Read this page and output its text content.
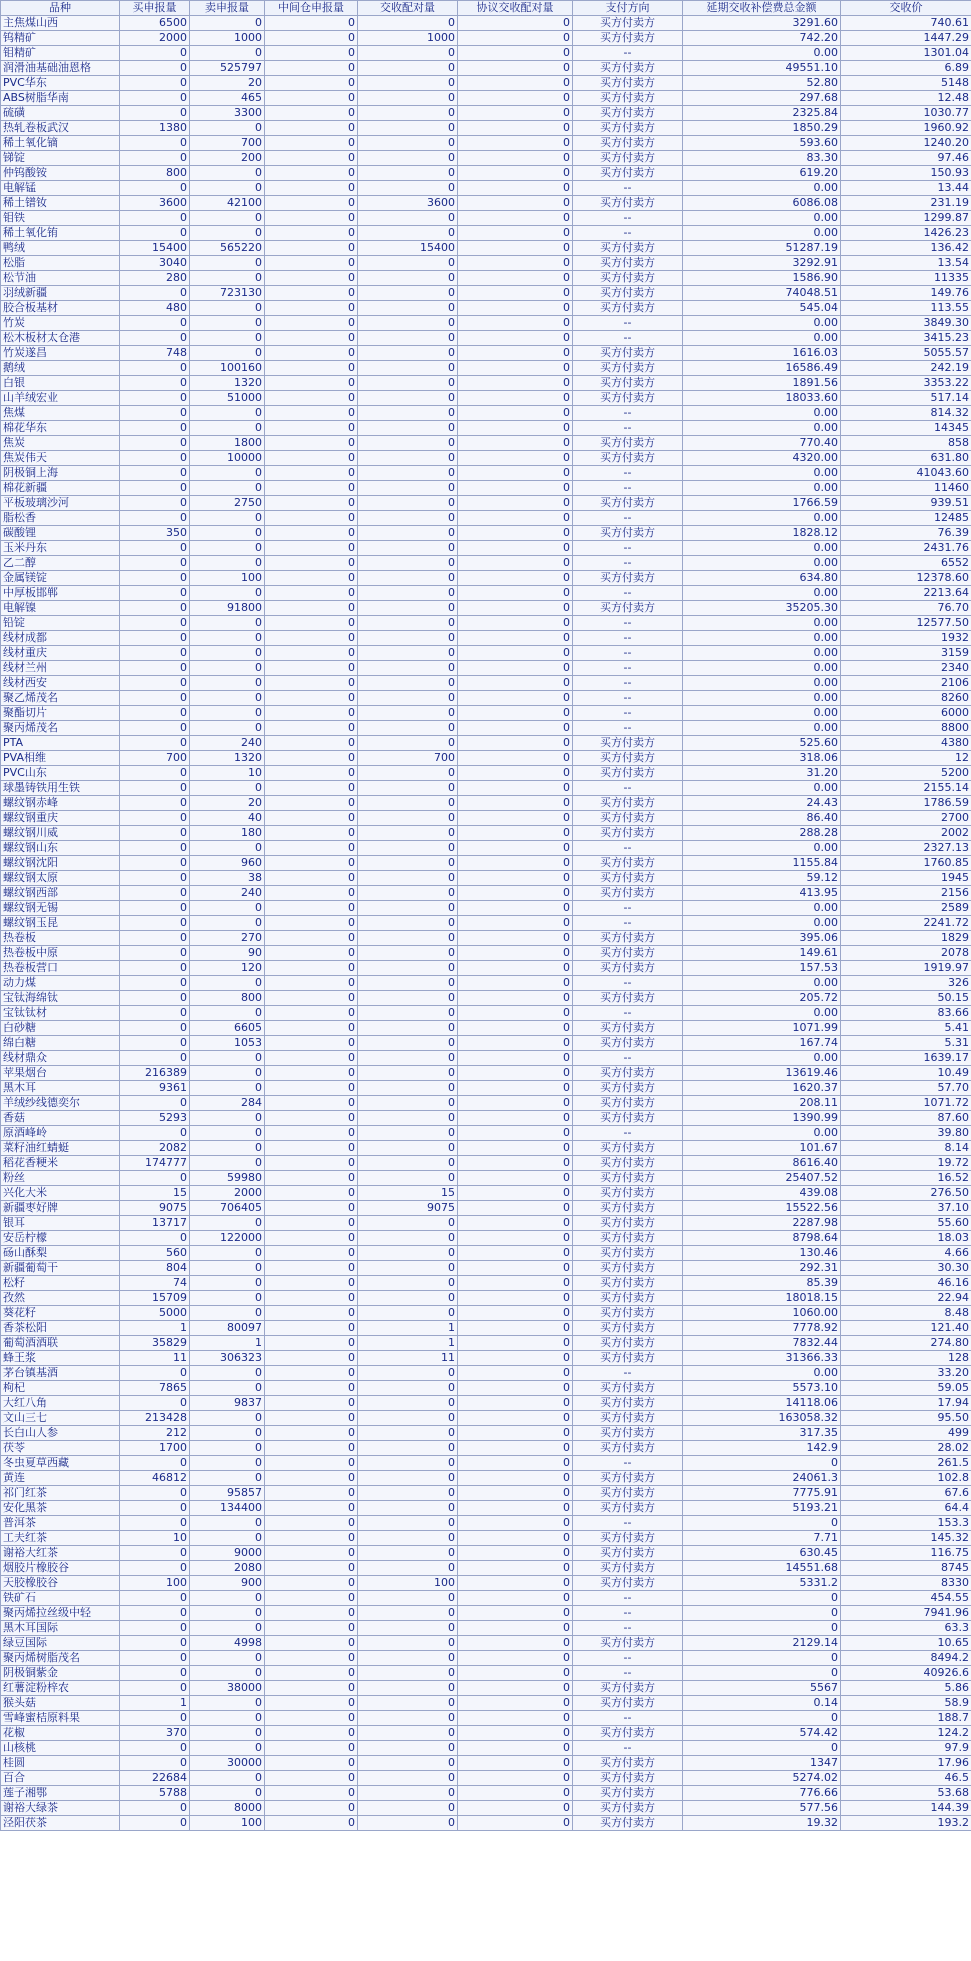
品种	买申报量	卖申报量	中间仓申报量	交收配对量	协议交收配对量	支付方向	延期交收补偿费总金额	交收价
主焦煤山西	6500	0	0	0	0	买方付卖方	3291.60	740.61
钨精矿	2000	1000	0	1000	0	买方付卖方	742.20	1447.29
钼精矿	0	0	0	0	0	--	0.00	1301.04
润滑油基础油恩格	0	525797	0	0	0	买方付卖方	49551.10	6.89
PVC华东	0	20	0	0	0	买方付卖方	52.80	5148
ABS树脂华南	0	465	0	0	0	买方付卖方	297.68	12.48
硫磺	0	3300	0	0	0	买方付卖方	2325.84	1030.77
热轧卷板武汉	1380	0	0	0	0	买方付卖方	1850.29	1960.92
稀土氧化镝	0	700	0	0	0	买方付卖方	593.60	1240.20
锑锭	0	200	0	0	0	买方付卖方	83.30	97.46
仲钨酸铵	800	0	0	0	0	买方付卖方	619.20	150.93
电解锰	0	0	0	0	0	--	0.00	13.44
稀土镨钕	3600	42100	0	3600	0	买方付卖方	6086.08	231.19
钼铁	0	0	0	0	0	--	0.00	1299.87
稀土氧化铕	0	0	0	0	0	--	0.00	1426.23
鸭绒	15400	565220	0	15400	0	买方付卖方	51287.19	136.42
松脂	3040	0	0	0	0	买方付卖方	3292.91	13.54
松节油	280	0	0	0	0	买方付卖方	1586.90	11335
羽绒新疆	0	723130	0	0	0	买方付卖方	74048.51	149.76
胶合板基材	480	0	0	0	0	买方付卖方	545.04	113.55
竹炭	0	0	0	0	0	--	0.00	3849.30
松木板材太仓港	0	0	0	0	0	--	0.00	3415.23
竹炭遂昌	748	0	0	0	0	买方付卖方	1616.03	5055.57
鹅绒	0	100160	0	0	0	买方付卖方	16586.49	242.19
白银	0	1320	0	0	0	买方付卖方	1891.56	3353.22
山羊绒宏业	0	51000	0	0	0	买方付卖方	18033.60	517.14
焦煤	0	0	0	0	0	--	0.00	814.32
棉花华东	0	0	0	0	0	--	0.00	14345
焦炭	0	1800	0	0	0	买方付卖方	770.40	858
焦炭伟天	0	10000	0	0	0	买方付卖方	4320.00	631.80
阴极铜上海	0	0	0	0	0	--	0.00	41043.60
棉花新疆	0	0	0	0	0	--	0.00	11460
平板玻璃沙河	0	2750	0	0	0	买方付卖方	1766.59	939.51
脂松香	0	0	0	0	0	--	0.00	12485
碳酸锂	350	0	0	0	0	买方付卖方	1828.12	76.39
玉米丹东	0	0	0	0	0	--	0.00	2431.76
乙二醇	0	0	0	0	0	--	0.00	6552
金属镁锭	0	100	0	0	0	买方付卖方	634.80	12378.60
中厚板邯郸	0	0	0	0	0	--	0.00	2213.64
电解镍	0	91800	0	0	0	买方付卖方	35205.30	76.70
铅锭	0	0	0	0	0	--	0.00	12577.50
线材成都	0	0	0	0	0	--	0.00	1932
线材重庆	0	0	0	0	0	--	0.00	3159
线材兰州	0	0	0	0	0	--	0.00	2340
线材西安	0	0	0	0	0	--	0.00	2106
聚乙烯茂名	0	0	0	0	0	--	0.00	8260
聚酯切片	0	0	0	0	0	--	0.00	6000
聚丙烯茂名	0	0	0	0	0	--	0.00	8800
PTA	0	240	0	0	0	买方付卖方	525.60	4380
PVA相维	700	1320	0	700	0	买方付卖方	318.06	12
PVC山东	0	10	0	0	0	买方付卖方	31.20	5200
球墨铸铁用生铁	0	0	0	0	0	--	0.00	2155.14
螺纹钢赤峰	0	20	0	0	0	买方付卖方	24.43	1786.59
螺纹钢重庆	0	40	0	0	0	买方付卖方	86.40	2700
螺纹钢川威	0	180	0	0	0	买方付卖方	288.28	2002
螺纹钢山东	0	0	0	0	0	--	0.00	2327.13
螺纹钢沈阳	0	960	0	0	0	买方付卖方	1155.84	1760.85
螺纹钢太原	0	38	0	0	0	买方付卖方	59.12	1945
螺纹钢西部	0	240	0	0	0	买方付卖方	413.95	2156
螺纹钢无锡	0	0	0	0	0	--	0.00	2589
螺纹钢玉昆	0	0	0	0	0	--	0.00	2241.72
热卷板	0	270	0	0	0	买方付卖方	395.06	1829
热卷板中原	0	90	0	0	0	买方付卖方	149.61	2078
热卷板营口	0	120	0	0	0	买方付卖方	157.53	1919.97
动力煤	0	0	0	0	0	--	0.00	326
宝钛海绵钛	0	800	0	0	0	买方付卖方	205.72	50.15
宝钛钛材	0	0	0	0	0	--	0.00	83.66
白砂糖	0	6605	0	0	0	买方付卖方	1071.99	5.41
绵白糖	0	1053	0	0	0	买方付卖方	167.74	5.31
线材鼎众	0	0	0	0	0	--	0.00	1639.17
苹果烟台	216389	0	0	0	0	买方付卖方	13619.46	10.49
黑木耳	9361	0	0	0	0	买方付卖方	1620.37	57.70
羊绒纱线德奕尔	0	284	0	0	0	买方付卖方	208.11	1071.72
香菇	5293	0	0	0	0	买方付卖方	1390.99	87.60
原酒峰岭	0	0	0	0	0	--	0.00	39.80
菜籽油红蜻蜓	2082	0	0	0	0	买方付卖方	101.67	8.14
稻花香粳米	174777	0	0	0	0	买方付卖方	8616.40	19.72
粉丝	0	59980	0	0	0	买方付卖方	25407.52	16.52
兴化大米	15	2000	0	15	0	买方付卖方	439.08	276.50
新疆枣好牌	9075	706405	0	9075	0	买方付卖方	15522.56	37.10
银耳	13717	0	0	0	0	买方付卖方	2287.98	55.60
安岳柠檬	0	122000	0	0	0	买方付卖方	8798.64	18.03
砀山酥梨	560	0	0	0	0	买方付卖方	130.46	4.66
新疆葡萄干	804	0	0	0	0	买方付卖方	292.31	30.30
松籽	74	0	0	0	0	买方付卖方	85.39	46.16
孜然	15709	0	0	0	0	买方付卖方	18018.15	22.94
葵花籽	5000	0	0	0	0	买方付卖方	1060.00	8.48
香茶松阳	1	80097	0	1	0	买方付卖方	7778.92	121.40
葡萄酒酒联	35829	1	0	1	0	买方付卖方	7832.44	274.80
蜂王浆	11	306323	0	11	0	买方付卖方	31366.33	128
茅台镇基酒	0	0	0	0	0	--	0.00	33.20
枸杞	7865	0	0	0	0	买方付卖方	5573.10	59.05
大红八角	0	9837	0	0	0	买方付卖方	14118.06	17.94
文山三七	213428	0	0	0	0	买方付卖方	163058.32	95.50
长白山人参	212	0	0	0	0	买方付卖方	317.35	499
茯苓	1700	0	0	0	0	买方付卖方	142.9	28.02
冬虫夏草西藏	0	0	0	0	0	--	0	261.5
黄连	46812	0	0	0	0	买方付卖方	24061.3	102.8
祁门红茶	0	95857	0	0	0	买方付卖方	7775.91	67.6
安化黑茶	0	134400	0	0	0	买方付卖方	5193.21	64.4
普洱茶	0	0	0	0	0	--	0	153.3
工夫红茶	10	0	0	0	0	买方付卖方	7.71	145.32
谢裕大红茶	0	9000	0	0	0	买方付卖方	630.45	116.75
烟胶片橡胶谷	0	2080	0	0	0	买方付卖方	14551.68	8745
天胶橡胶谷	100	900	0	100	0	买方付卖方	5331.2	8330
铁矿石	0	0	0	0	0	--	0	454.55
聚丙烯拉丝级中轻	0	0	0	0	0	--	0	7941.96
黑木耳国际	0	0	0	0	0	--	0	63.3
绿豆国际	0	4998	0	0	0	买方付卖方	2129.14	10.65
聚丙烯树脂茂名	0	0	0	0	0	--	0	8494.2
阴极铜紫金	0	0	0	0	0	--	0	40926.6
红薯淀粉梓农	0	38000	0	0	0	买方付卖方	5567	5.86
猴头菇	1	0	0	0	0	买方付卖方	0.14	58.9
雪峰蜜桔原料果	0	0	0	0	0	--	0	188.7
花椒	370	0	0	0	0	买方付卖方	574.42	124.2
山核桃	0	0	0	0	0	--	0	97.9
桂圆	0	30000	0	0	0	买方付卖方	1347	17.96
百合	22684	0	0	0	0	买方付卖方	5274.02	46.5
莲子湘鄂	5788	0	0	0	0	买方付卖方	776.66	53.68
谢裕大绿茶	0	8000	0	0	0	买方付卖方	577.56	144.39
泾阳茯茶	0	100	0	0	0	买方付卖方	19.32	193.2
